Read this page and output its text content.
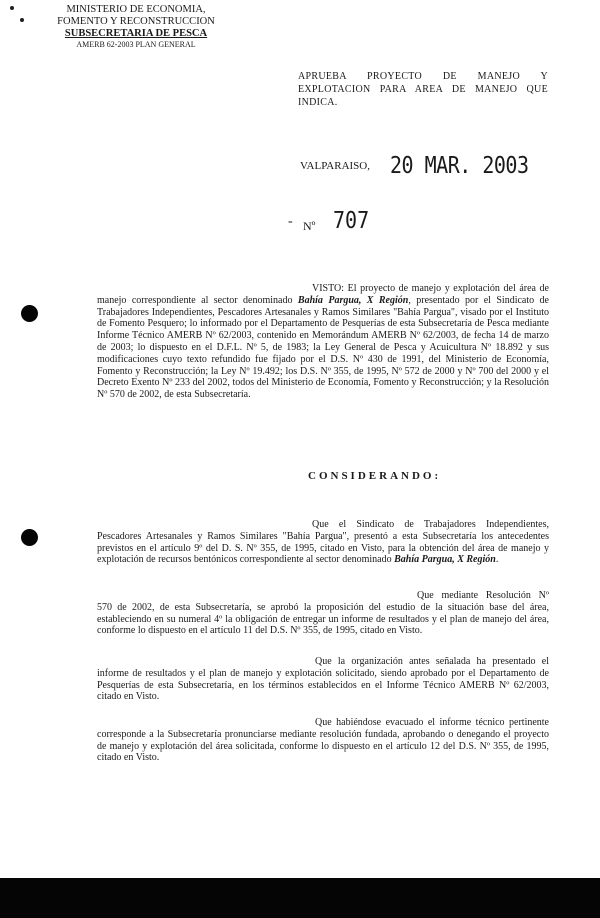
MINISTERIO DE ECONOMIA,
FOMENTO Y RECONSTRUCCION
SUBSECRETARIA DE PESCA
AMERB 62-2003 PLAN GENERAL
APRUEBA PROYECTO DE MANEJO Y EXPLOTACION PARA AREA DE MANEJO QUE INDICA.
VALPARAISO, 20 MAR. 2003
- Nº 707
VISTO: El proyecto de manejo y explotación del área de manejo correspondiente al sector denominado Bahía Pargua, X Región, presentado por el Sindicato de Trabajadores Independientes, Pescadores Artesanales y Ramos Similares "Bahía Pargua", visado por el Instituto de Fomento Pesquero; lo informado por el Departamento de Pesquerías de esta Subsecretaría de Pesca mediante Informe Técnico AMERB Nº 62/2003, contenido en Memorándum AMERB Nº 62/2003, de fecha 14 de marzo de 2003; lo dispuesto en el D.F.L. Nº 5, de 1983; la Ley General de Pesca y Acuicultura Nº 18.892 y sus modificaciones cuyo texto refundido fue fijado por el D.S. Nº 430 de 1991, del Ministerio de Economía, Fomento y Reconstrucción; la Ley Nº 19.492; los D.S. Nº 355, de 1995, Nº 572 de 2000 y Nº 700 del 2000 y el Decreto Exento Nº 233 del 2002, todos del Ministerio de Economía, Fomento y Reconstrucción; y la Resolución Nº 570 de 2002, de esta Subsecretaría.
CONSIDERANDO:
Que el Sindicato de Trabajadores Independientes, Pescadores Artesanales y Ramos Similares "Bahía Pargua", presentó a esta Subsecretaría los antecedentes previstos en el artículo 9º del D. S. Nº 355, de 1995, citado en Visto, para la obtención del área de manejo y explotación de recursos bentónicos correspondiente al sector denominado Bahía Pargua, X Región.
Que mediante Resolución Nº 570 de 2002, de esta Subsecretaría, se aprobó la proposición del estudio de la situación base del área, estableciendo en su numeral 4º la obligación de entregar un informe de resultados y el plan de manejo del área, conforme lo dispuesto en el artículo 11 del D.S. Nº 355, de 1995, citado en Visto.
Que la organización antes señalada ha presentado el informe de resultados y el plan de manejo y explotación solicitado, siendo aprobado por el Departamento de Pesquerías de esta Subsecretaría, en los términos establecidos en el Informe Técnico AMERB Nº 62/2003, citado en Visto.
Que habiéndose evacuado el informe técnico pertinente corresponde a la Subsecretaría pronunciarse mediante resolución fundada, aprobando o denegando el proyecto de manejo y explotación del área solicitada, conforme lo dispuesto en el artículo 12 del D.S. Nº 355, de 1995, citado en Visto.
